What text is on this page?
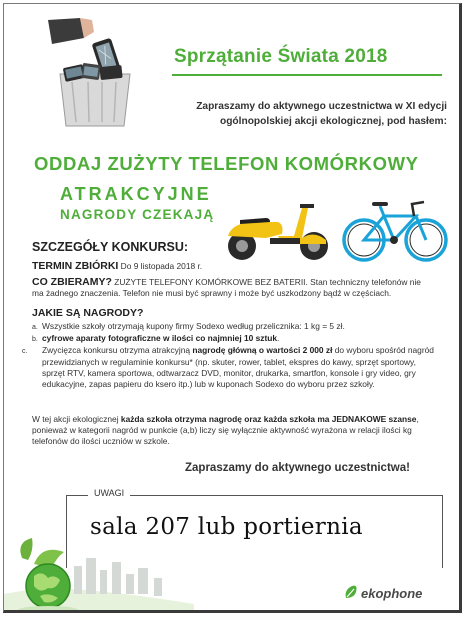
Sprzątanie Świata 2018
Zapraszamy do aktywnego uczestnictwa w XI edycji ogólnopolskiej akcji ekologicznej, pod hasłem:
ODDAJ ZUŻYTY TELEFON KOMÓRKOWY
ATRAKCYJNE
NAGRODY CZEKAJĄ
SZCZEGÓŁY KONKURSU:
TERMIN ZBIÓRKI Do 9 listopada 2018 r.
CO ZBIERAMY? ZUŻYTE TELEFONY KOMÓRKOWE BEZ BATERII. Stan techniczny telefonów nie ma żadnego znaczenia. Telefon nie musi być sprawny i może być uszkodzony bądź w częściach.
JAKIE SĄ NAGRODY?
a. Wszystkie szkoły otrzymają kupony firmy Sodexo według przelicznika: 1 kg = 5 zł.
b. cyfrowe aparaty fotograficzne w ilości co najmniej 10 sztuk.
c. Zwycięzca konkursu otrzyma atrakcyjną nagrodę główną o wartości 2 000 zł do wyboru spośród nagród przewidzianych w regulaminie konkursu* (np. skuter, rower, tablet, ekspres do kawy, sprzęt sportowy, sprzęt RTV, kamera sportowa, odtwarzacz DVD, monitor, drukarka, smartfon, konsole i gry video, gry edukacyjne, zapas papieru do ksero itp.) lub w kuponach Sodexo do wyboru przez szkoły.
W tej akcji ekologicznej każda szkoła otrzyma nagrodę oraz każda szkoła ma JEDNAKOWE szanse, ponieważ w kategorii nagród w punkcie (a,b) liczy się wyłącznie aktywność wyrażona w relacji ilości kg telefonów do ilości uczniów w szkole.
Zapraszamy do aktywnego uczestnictwa!
UWAGI
sala 207 lub portiernia
ekophone
